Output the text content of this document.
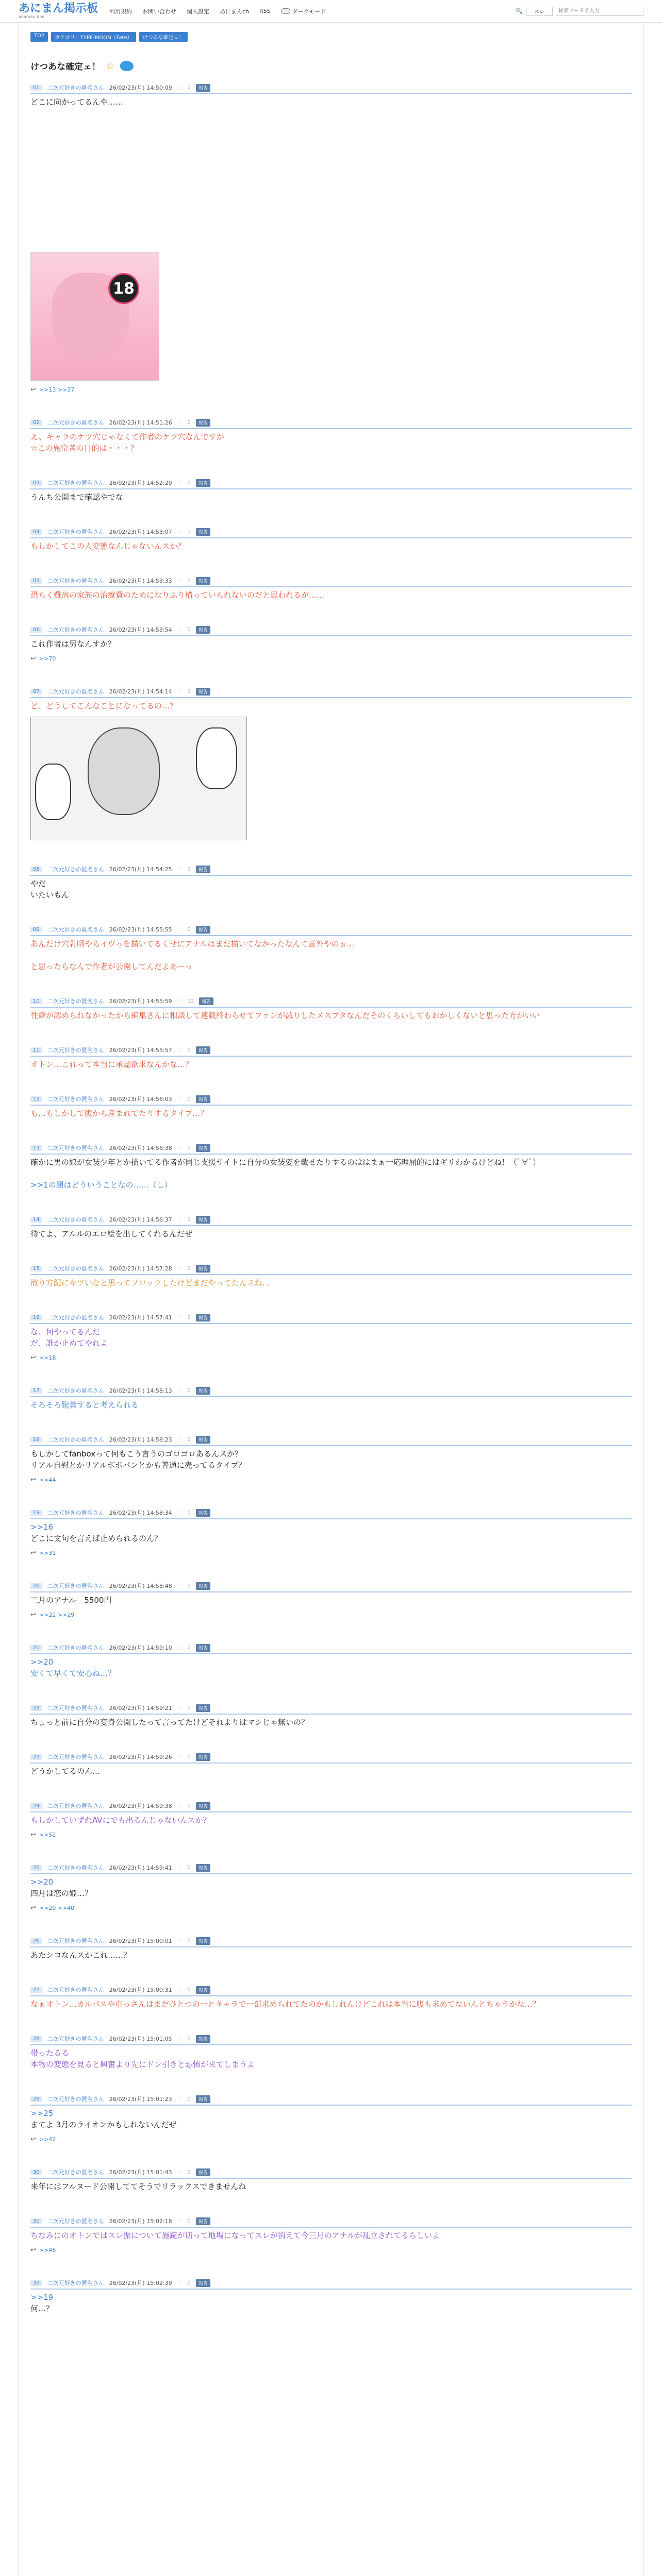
あにまん掲示板
anaman bbs
利用規約 お問い合わせ 個人設定 あにまんch RSS	ダークモード	🔍	スレ
検索ワードを入力
TOP	カテゴリ：TYPE-MOON（Fate）	けつあな確定ェ！
けつあな確定ェ！ ☆
01	二次元好きの匿名さん 26/02/23(月) 14:50:09 ♡ 0	報告
どこに向かってるんや……
18
↩ >>13 >>37
02	二次元好きの匿名さん 26/02/23(月) 14:51:26 ♡ 2	報告
え、キャラのケツ穴じゃなくて作者のケツ穴なんですか
☆この異常者の目的は・・・？
03	二次元好きの匿名さん 26/02/23(月) 14:52:29 ♡ 0	報告
うんち公開まで確認やでな
04	二次元好きの匿名さん 26/02/23(月) 14:53:07 ♡ 1	報告
もしかしてこの人変態なんじゃないんスか？
05	二次元好きの匿名さん 26/02/23(月) 14:53:33 ♡ 0	報告
恐らく難病の家族の治療費のためになりふり構っていられないのだと思われるが……
06	二次元好きの匿名さん 26/02/23(月) 14:53:54 ♡ 0	報告
これ作者は男なんすか？
↩ >>70
07	二次元好きの匿名さん 26/02/23(月) 14:54:14 ♡ 0	報告
ど、どうしてこんなことになってるの…？
08	二次元好きの匿名さん 26/02/23(月) 14:54:25 ♡ 0	報告
やだ
いたいもん
09	二次元好きの匿名さん 26/02/23(月) 14:55:55 ♡ 0	報告
あんだけ穴乳晒やらイヴっを描いてるくせにアナルはまだ描いてなかったなんて意外やのぉ…

と思ったらなんで作者が公開してんだよあーっ
10	二次元好きの匿名さん 26/02/23(月) 14:55:59 ♡ 12	報告
性癖が認められなかったから編集さんに相談して連載終わらせてファンが減りしたメスブタなんだそのくらいしてもおかしくないと思った方がいい
11	二次元好きの匿名さん 26/02/23(月) 14:55:57 ♡ 0	報告
オトン…これって本当に承認欲求なんかな…？
12	二次元好きの匿名さん 26/02/23(月) 14:56:03 ♡ 0	報告
も…もしかして腹から産まれてたりするタイプ…？
13	二次元好きの匿名さん 26/02/23(月) 14:56:38 ♡ 0	報告
確かに男の娘が女装少年とか描いてる作者が同じ支援サイトに自分の女装姿を載せたりするのははまぁ一応理屈的にはギリわかるけどね！（ﾟ∀ﾟ）

>>1の題はどういうことなの……（し）
14	二次元好きの匿名さん 26/02/23(月) 14:56:37 ♡ 0	報告
待てよ、アルルのエロ絵を出してくれるんだぜ
15	二次元好きの匿名さん 26/02/23(月) 14:57:28 ♡ 0	報告
散り方紀にキツいなと思ってブロックしたけどまだやってたんスね…
16	二次元好きの匿名さん 26/02/23(月) 14:57:41 ♡ 3	報告
な、何やってるんだ
だ、誰か止めてやれよ
↩ >>18
17	二次元好きの匿名さん 26/02/23(月) 14:58:13 ♡ 0	報告
そろそろ脱糞すると考えられる
18	二次元好きの匿名さん 26/02/23(月) 14:58:23 ♡ 0	報告
もしかしてfanboxって何もこう言うのゴロゴロあるんスか？
リアル自慰とかリアルボボパンとかも普通に売ってるタイプ？
↩ >>44
19	二次元好きの匿名さん 26/02/23(月) 14:58:34 ♡ 0	報告
>>16
どこに文句を言えば止められるのん？
↩ >>31
20	二次元好きの匿名さん 26/02/23(月) 14:58:48 ♡ 0	報告
三月のアナル　5500円
↩ >>22 >>29
21	二次元好きの匿名さん 26/02/23(月) 14:59:10 ♡ 0	報告
>>20
安くて早くて安心ね…？
22	二次元好きの匿名さん 26/02/23(月) 14:59:21 ♡ 0	報告
ちょっと前に自分の変身公開したって言ってたけどそれよりはマシじゃ無いの？
23	二次元好きの匿名さん 26/02/23(月) 14:59:26 ♡ 0	報告
どうかしてるのん…
24	二次元好きの匿名さん 26/02/23(月) 14:59:38 ♡ 0	報告
もしかしていずれAVにでも出るんじゃないんスか？
↩ >>52
25	二次元好きの匿名さん 26/02/23(月) 14:59:41 ♡ 0	報告
>>20
四月は恋の姫…？
↩ >>29 >>40
26	二次元好きの匿名さん 26/02/23(月) 15:00:01 ♡ 0	報告
あたシコなんスかこれ……？
27	二次元好きの匿名さん 26/02/23(月) 15:00:31 ♡ 0	報告
なぁオトン…カルパスや市っさんはまだひとつの一とキャラで一部求められてたのかもしれんけどこれは本当に腹も求めてないんとちゃうかな…？
28	二次元好きの匿名さん 26/02/23(月) 15:01:05 ♡ 0	報告
帯ったるる
本物の変態を見ると興奮より先にドン引きと恐怖が来てしまうよ
29	二次元好きの匿名さん 26/02/23(月) 15:01:23 ♡ 0	報告
>>25
まてよ 3月のライオンかもしれないんだぜ
↩ >>42
30	二次元好きの匿名さん 26/02/23(月) 15:01:43 ♡ 0	報告
来年にはフルヌード公開しててそうでリラックスできませんね
31	二次元好きの匿名さん 26/02/23(月) 15:02:18 ♡ 0	報告
ちなみにのオトンではスレ振について施錠が切って地場になってスレが消えて今三月のアナルが乱立されてるらしいよ
↩ >>46
32	二次元好きの匿名さん 26/02/23(月) 15:02:39 ♡ 0	報告
>>19
何…？
